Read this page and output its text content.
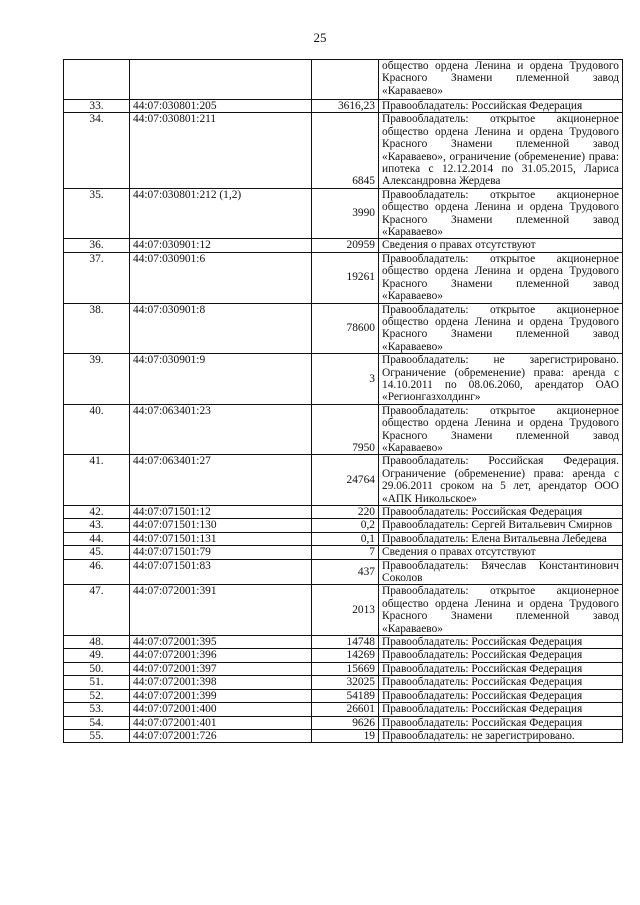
25
			общество ордена Ленина и ордена Трудового Красного Знамени племенной завод «Караваево»
33.	44:07:030801:205	3616,23	Правообладатель: Российская Федерация
34.	44:07:030801:211	6845	Правообладатель: открытое акционерное общество ордена Ленина и ордена Трудового Красного Знамени племенной завод «Караваево», ограничение (обременение) права: ипотека с 12.12.2014 по 31.05.2015, Лариса Александровна Жердева
35.	44:07:030801:212 (1,2)	3990	Правообладатель: открытое акционерное общество ордена Ленина и ордена Трудового Красного Знамени племенной завод «Караваево»
36.	44:07:030901:12	20959	Сведения о правах отсутствуют
37.	44:07:030901:6	19261	Правообладатель: открытое акционерное общество ордена Ленина и ордена Трудового Красного Знамени племенной завод «Караваево»
38.	44:07:030901:8	78600	Правообладатель: открытое акционерное общество ордена Ленина и ордена Трудового Красного Знамени племенной завод «Караваево»
39.	44:07:030901:9	3	Правообладатель: не зарегистрировано. Ограничение (обременение) права: аренда с 14.10.2011 по 08.06.2060, арендатор ОАО «Регионгазхолдинг»
40.	44:07:063401:23	7950	Правообладатель: открытое акционерное общество ордена Ленина и ордена Трудового Красного Знамени племенной завод «Караваево»
41.	44:07:063401:27	24764	Правообладатель: Российская Федерация. Ограничение (обременение) права: аренда с 29.06.2011 сроком на 5 лет, арендатор ООО «АПК Никольское»
42.	44:07:071501:12	220	Правообладатель: Российская Федерация
43.	44:07:071501:130	0,2	Правообладатель: Сергей Витальевич Смирнов
44.	44:07:071501:131	0,1	Правообладатель: Елена Витальевна Лебедева
45.	44:07:071501:79	7	Сведения о правах отсутствуют
46.	44:07:071501:83	437	Правообладатель: Вячеслав Константинович Соколов
47.	44:07:072001:391	2013	Правообладатель: открытое акционерное общество ордена Ленина и ордена Трудового Красного Знамени племенной завод «Караваево»
48.	44:07:072001:395	14748	Правообладатель: Российская Федерация
49.	44:07:072001:396	14269	Правообладатель: Российская Федерация
50.	44:07:072001:397	15669	Правообладатель: Российская Федерация
51.	44:07:072001:398	32025	Правообладатель: Российская Федерация
52.	44:07:072001:399	54189	Правообладатель: Российская Федерация
53.	44:07:072001:400	26601	Правообладатель: Российская Федерация
54.	44:07:072001:401	9626	Правообладатель: Российская Федерация
55.	44:07:072001:726	19	Правообладатель: не зарегистрировано.
